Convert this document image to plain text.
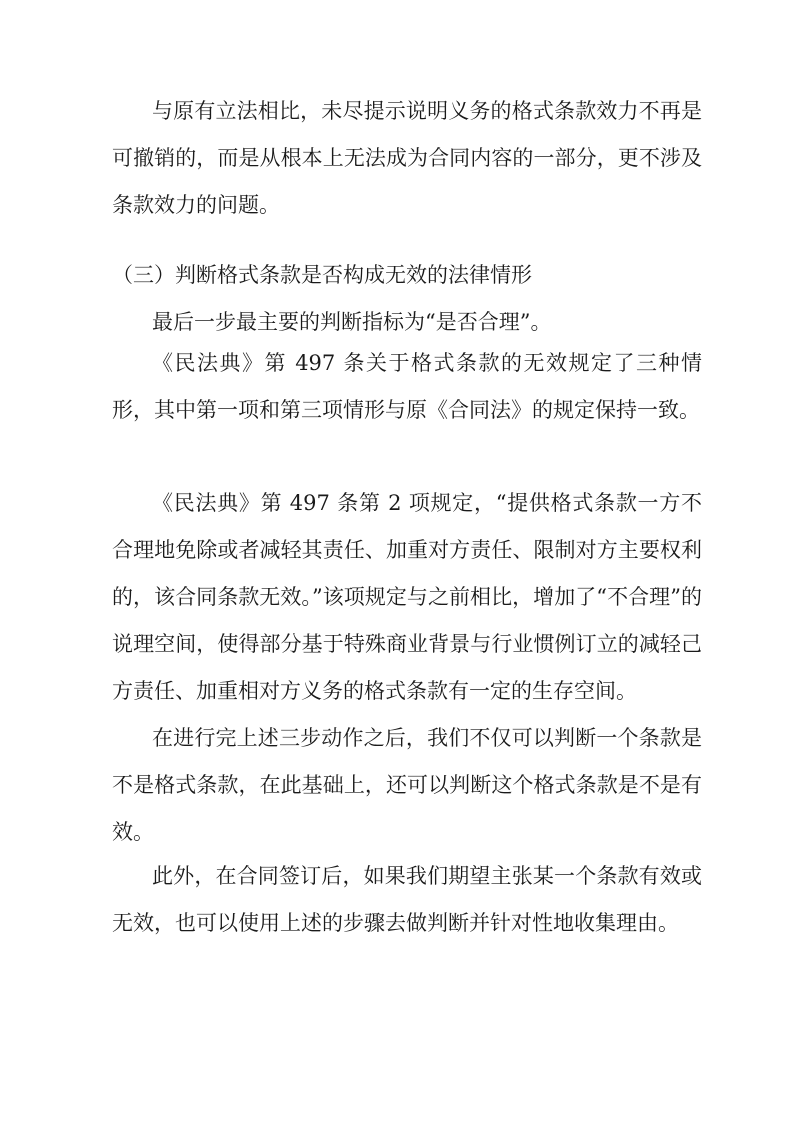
与原有立法相比，未尽提示说明义务的格式条款效力不再是可撤销的，而是从根本上无法成为合同内容的一部分，更不涉及条款效力的问题。

（三）判断格式条款是否构成无效的法律情形

最后一步最主要的判断指标为“是否合理”。

《民法典》第 497 条关于格式条款的无效规定了三种情形，其中第一项和第三项情形与原《合同法》的规定保持一致。

《民法典》第 497 条第 2 项规定，“提供格式条款一方不合理地免除或者减轻其责任、加重对方责任、限制对方主要权利的，该合同条款无效。”该项规定与之前相比，增加了“不合理”的说理空间，使得部分基于特殊商业背景与行业惯例订立的减轻己方责任、加重相对方义务的格式条款有一定的生存空间。

在进行完上述三步动作之后，我们不仅可以判断一个条款是不是格式条款，在此基础上，还可以判断这个格式条款是不是有效。

此外，在合同签订后，如果我们期望主张某一个条款有效或无效，也可以使用上述的步骤去做判断并针对性地收集理由。
